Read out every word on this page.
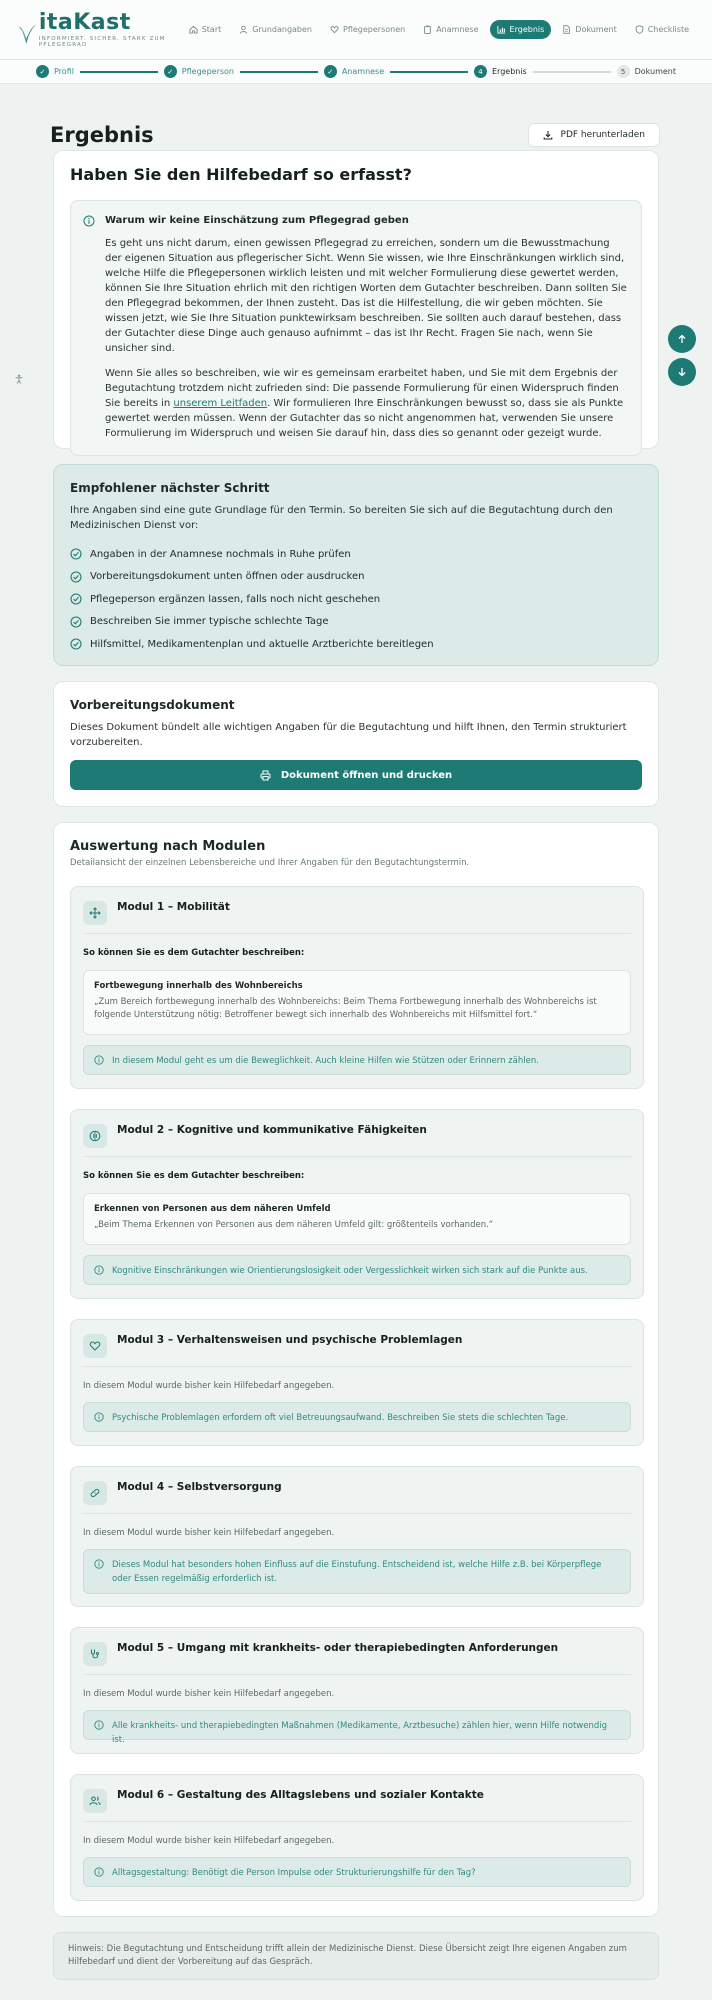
itaKast
INFORMIERT. SICHER. STARK ZUM PFLEGEGRAD
Start	Grundangaben	Pflegepersonen	Anamnese	Ergebnis	Dokument	Checkliste
✓	Profil	✓	Pflegeperson	✓	Anamnese	4	Ergebnis	5	Dokument
Ergebnis	PDF herunterladen
Haben Sie den Hilfebedarf so erfasst?
Warum wir keine Einschätzung zum Pflegegrad geben

Es geht uns nicht darum, einen gewissen Pflegegrad zu erreichen, sondern um die Bewusstmachung der eigenen Situation aus pflegerischer Sicht. Wenn Sie wissen, wie Ihre Einschränkungen wirklich sind, welche Hilfe die Pflegepersonen wirklich leisten und mit welcher Formulierung diese gewertet werden, können Sie Ihre Situation ehrlich mit den richtigen Worten dem Gutachter beschreiben. Dann sollten Sie den Pflegegrad bekommen, der Ihnen zusteht. Das ist die Hilfestellung, die wir geben möchten. Sie wissen jetzt, wie Sie Ihre Situation punktewirksam beschreiben. Sie sollten auch darauf bestehen, dass der Gutachter diese Dinge auch genauso aufnimmt – das ist Ihr Recht. Fragen Sie nach, wenn Sie unsicher sind.

Wenn Sie alles so beschreiben, wie wir es gemeinsam erarbeitet haben, und Sie mit dem Ergebnis der Begutachtung trotzdem nicht zufrieden sind: Die passende Formulierung für einen Widerspruch finden Sie bereits in unserem Leitfaden. Wir formulieren Ihre Einschränkungen bewusst so, dass sie als Punkte gewertet werden müssen. Wenn der Gutachter das so nicht angenommen hat, verwenden Sie unsere Formulierung im Widerspruch und weisen Sie darauf hin, dass dies so genannt oder gezeigt wurde.

Empfohlener nächster Schritt
Ihre Angaben sind eine gute Grundlage für den Termin. So bereiten Sie sich auf die Begutachtung durch den Medizinischen Dienst vor:
Angaben in der Anamnese nochmals in Ruhe prüfen
Vorbereitungsdokument unten öffnen oder ausdrucken
Pflegeperson ergänzen lassen, falls noch nicht geschehen
Beschreiben Sie immer typische schlechte Tage
Hilfsmittel, Medikamentenplan und aktuelle Arztberichte bereitlegen
Vorbereitungsdokument
Dieses Dokument bündelt alle wichtigen Angaben für die Begutachtung und hilft Ihnen, den Termin strukturiert vorzubereiten.
Dokument öffnen und drucken
Auswertung nach Modulen
Detailansicht der einzelnen Lebensbereiche und Ihrer Angaben für den Begutachtungstermin.
Modul 1 – Mobilität
So können Sie es dem Gutachter beschreiben:
Fortbewegung innerhalb des Wohnbereichs
„Zum Bereich fortbewegung innerhalb des Wohnbereichs: Beim Thema Fortbewegung innerhalb des Wohnbereichs ist folgende Unterstützung nötig: Betroffener bewegt sich innerhalb des Wohnbereichs mit Hilfsmittel fort.“
In diesem Modul geht es um die Beweglichkeit. Auch kleine Hilfen wie Stützen oder Erinnern zählen.
Modul 2 – Kognitive und kommunikative Fähigkeiten
So können Sie es dem Gutachter beschreiben:
Erkennen von Personen aus dem näheren Umfeld
„Beim Thema Erkennen von Personen aus dem näheren Umfeld gilt: größtenteils vorhanden.“
Kognitive Einschränkungen wie Orientierungslosigkeit oder Vergesslichkeit wirken sich stark auf die Punkte aus.
Modul 3 – Verhaltensweisen und psychische Problemlagen
In diesem Modul wurde bisher kein Hilfebedarf angegeben.
Psychische Problemlagen erfordern oft viel Betreuungsaufwand. Beschreiben Sie stets die schlechten Tage.
Modul 4 – Selbstversorgung
In diesem Modul wurde bisher kein Hilfebedarf angegeben.
Dieses Modul hat besonders hohen Einfluss auf die Einstufung. Entscheidend ist, welche Hilfe z.B. bei Körperpflege oder Essen regelmäßig erforderlich ist.
Modul 5 – Umgang mit krankheits- oder therapiebedingten Anforderungen
In diesem Modul wurde bisher kein Hilfebedarf angegeben.
Alle krankheits- und therapiebedingten Maßnahmen (Medikamente, Arztbesuche) zählen hier, wenn Hilfe notwendig ist.
Modul 6 – Gestaltung des Alltagslebens und sozialer Kontakte
In diesem Modul wurde bisher kein Hilfebedarf angegeben.
Alltagsgestaltung: Benötigt die Person Impulse oder Strukturierungshilfe für den Tag?
Hinweis: Die Begutachtung und Entscheidung trifft allein der Medizinische Dienst. Diese Übersicht zeigt Ihre eigenen Angaben zum Hilfebedarf und dient der Vorbereitung auf das Gespräch.
